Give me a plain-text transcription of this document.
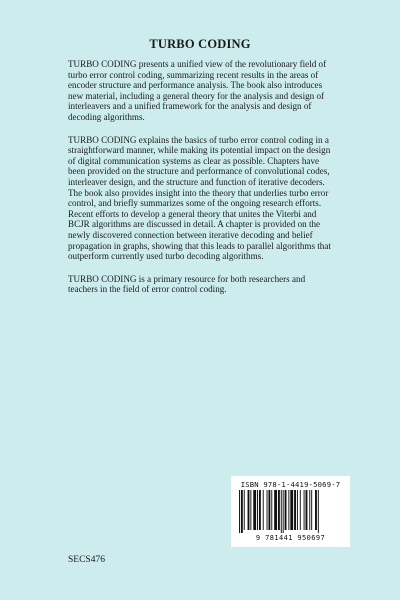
TURBO CODING

TURBO CODING presents a unified view of the revolutionary field of turbo error control coding, summarizing recent results in the areas of encoder structure and performance analysis. The book also introduces new material, including a general theory for the analysis and design of interleavers and a unified framework for the analysis and design of decoding algorithms.

TURBO CODING explains the basics of turbo error control coding in a straightforward manner, while making its potential impact on the design of digital communication systems as clear as possible. Chapters have been provided on the structure and performance of convolutional codes, interleaver design, and the structure and function of iterative decoders. The book also provides insight into the theory that underlies turbo error control, and briefly summarizes some of the ongoing research efforts. Recent efforts to develop a general theory that unites the Viterbi and BCJR algorithms are discussed in detail. A chapter is provided on the newly discovered connection between iterative decoding and belief propagation in graphs, showing that this leads to parallel algorithms that outperform currently used turbo decoding algorithms.

TURBO CODING is a primary resource for both researchers and teachers in the field of error control coding.

ISBN 978-1-4419-5069-7
9 781441 950697
SECS476
